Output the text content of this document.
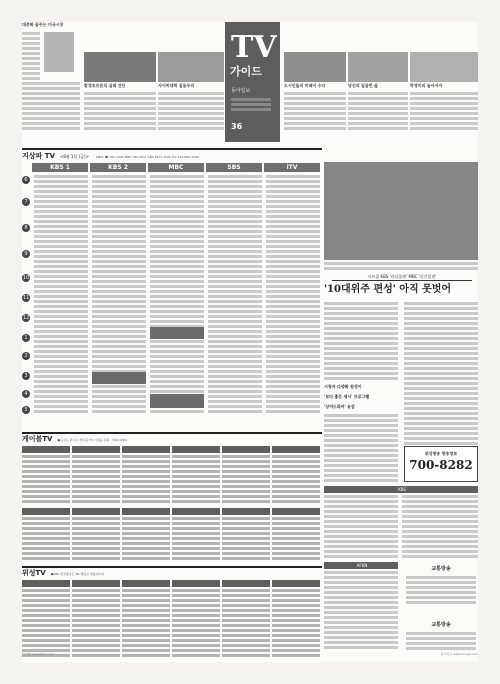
대중화 꿈꾸는 미국시장
환경호르몬의 실태 진단	사이버대학 실용주의
TV
가이드
동아일보
36
도시인들의 미래이 수다	당신의 일곱번 삶	박영미의 놓아서자
지상파 TV <8월 1일 (금)> KBS1 ☎ 781-1000 MBC 780-0011 SBS 3671-7000 iTV 032-800-3300
KBS 1	KBS 2	MBC	SBS	iTV
6
7
8
9
10
11
12
1
2
3
4
5
시트콤 KBS '라디움에' MBC '중간일점'
'10대위주 편성' 아직 못벗어
시청자 다양화 원성이
'보다 좋은 세시' 프로그램
'상여드라마' 유감
케이블TV ●표시는 본시는 케이블 TV 시청률 문의 : 700-3260
위성TV ●KBS 위성방송은 BS 채널로 방송됩니다
위성방송 방송정보
700-8282
KBS
AFKN
교통방송
교통방송
한겨레 www.hani.co.kr	동아일보 www.donga.com
